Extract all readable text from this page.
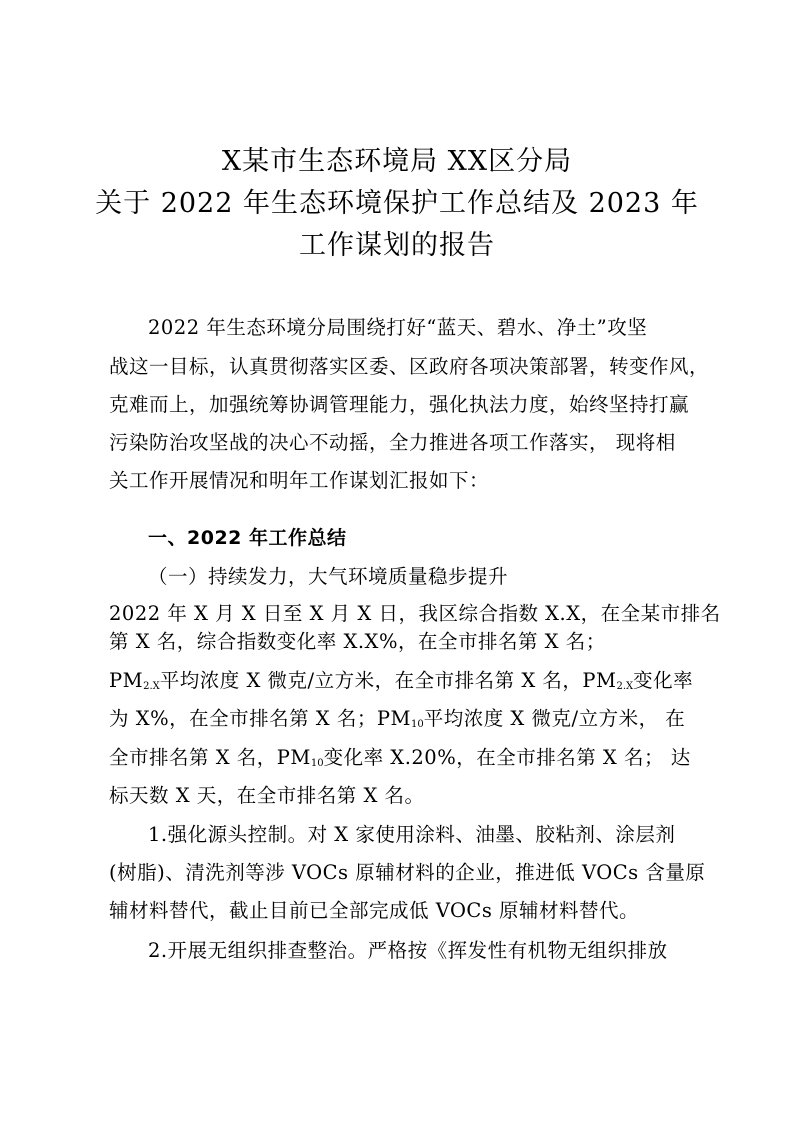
X某市生态环境局 XX区分局
关于 2022 年生态环境保护工作总结及 2023 年
工作谋划的报告
2022 年生态环境分局围绕打好“蓝天、碧水、净土”攻坚
战这一目标，认真贯彻落实区委、区政府各项决策部署，转变作风，
克难而上，加强统筹协调管理能力，强化执法力度，始终坚持打赢
污染防治攻坚战的决心不动摇，全力推进各项工作落实， 现将相
关工作开展情况和明年工作谋划汇报如下：
一、2022 年工作总结
（一）持续发力，大气环境质量稳步提升
2022 年 X 月 X 日至 X 月 X 日，我区综合指数 X.X，在全某市排名
第 X 名，综合指数变化率 X.X%，在全市排名第 X 名；
$PM_{2.X}$平均浓度 X 微克/立方米，在全市排名第 X 名，$PM_{2.X}$变化率
为 X%，在全市排名第 X 名；$PM_{10}$平均浓度 X 微克/立方米， 在
全市排名第 X 名，$PM_{10}$变化率 X.20%，在全市排名第 X 名； 达
标天数 X 天，在全市排名第 X 名。
1.强化源头控制。对 X 家使用涂料、油墨、胶粘剂、涂层剂
(树脂)、清洗剂等涉 VOCs 原辅材料的企业，推进低 VOCs 含量原
辅材料替代，截止目前已全部完成低 VOCs 原辅材料替代。
2.开展无组织排查整治。严格按《挥发性有机物无组织排放
